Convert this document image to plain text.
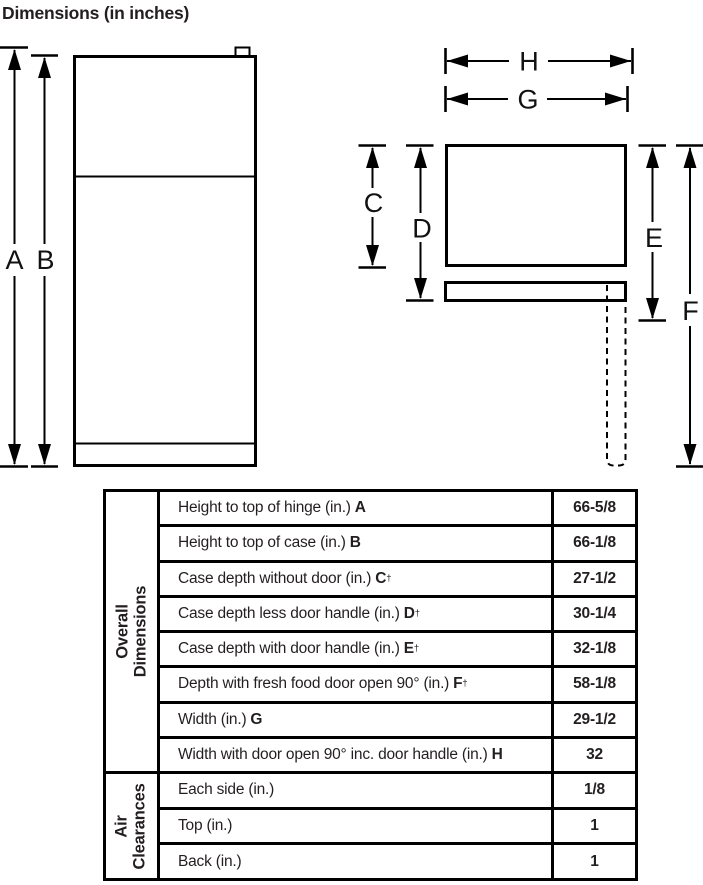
Dimensions (in inches)
A B
H
G
C
D	E
F
Overall Dimensions
Height to top of hinge (in.) A	66-5/8
Height to top of case (in.) B	66-1/8
Case depth without door (in.) C †	27-1/2
Case depth less door handle (in.) D †	30-1/4
Case depth with door handle (in.) E †	32-1/8
Depth with fresh food door open 90° (in.) F †	58-1/8
Width (in.) G	29-1/2
Width with door open 90° inc. door handle (in.) H	32
Air Clearances Each side (in.)	1/8
Top (in.)	1
Back (in.)	1
